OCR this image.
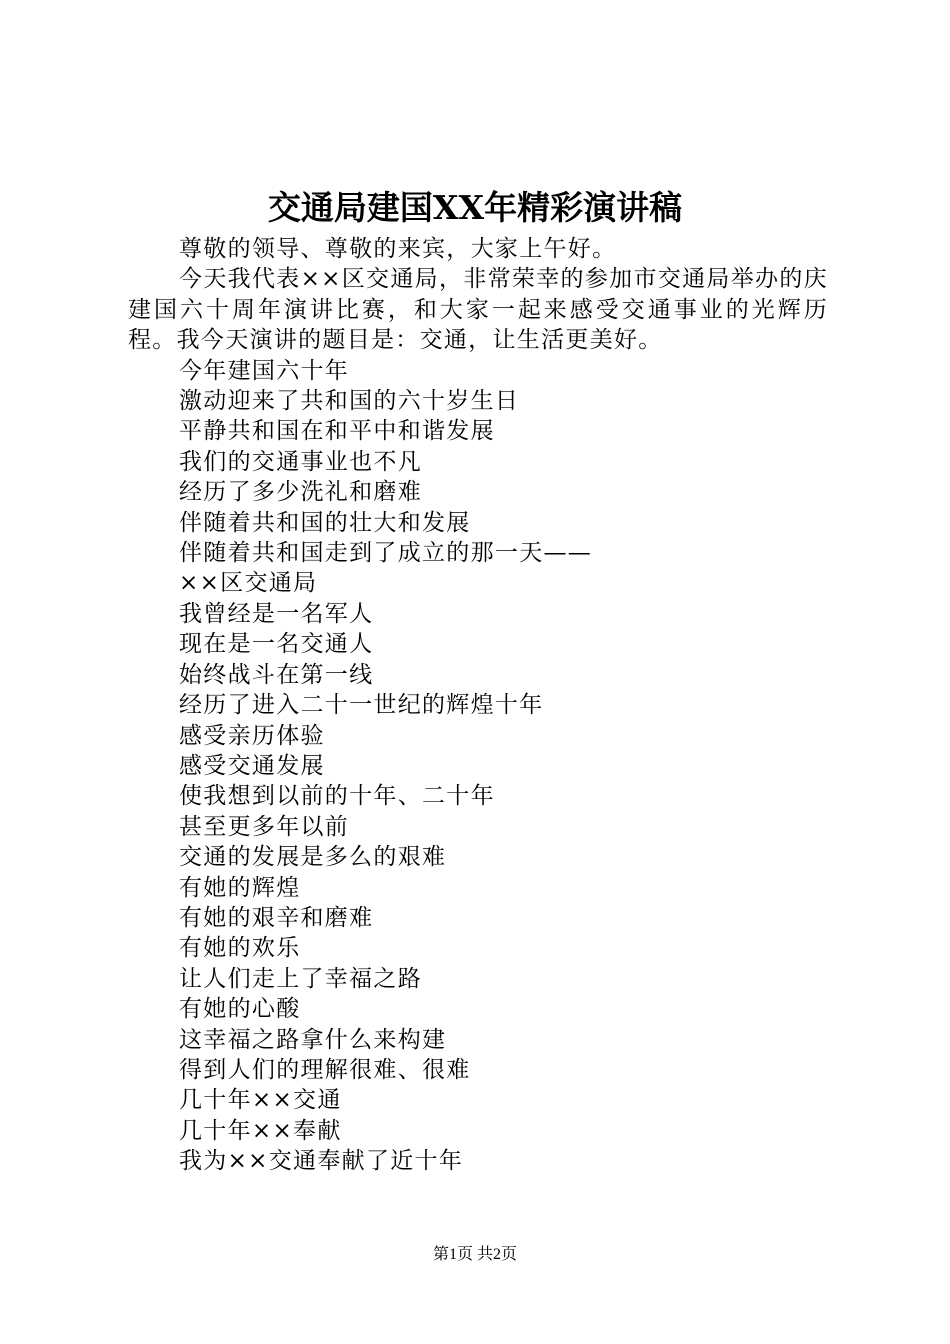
交通局建国XX年精彩演讲稿

尊敬的领导、尊敬的来宾，大家上午好。

今天我代表××区交通局，非常荣幸的参加市交通局举办的庆建国六十周年演讲比赛，和大家一起来感受交通事业的光辉历程。我今天演讲的题目是：交通，让生活更美好。

今年建国六十年
激动迎来了共和国的六十岁生日
平静共和国在和平中和谐发展
我们的交通事业也不凡
经历了多少洗礼和磨难
伴随着共和国的壮大和发展
伴随着共和国走到了成立的那一天——
××区交通局
我曾经是一名军人
现在是一名交通人
始终战斗在第一线
经历了进入二十一世纪的辉煌十年
感受亲历体验
感受交通发展
使我想到以前的十年、二十年
甚至更多年以前
交通的发展是多么的艰难
有她的辉煌
有她的艰辛和磨难
有她的欢乐
让人们走上了幸福之路
有她的心酸
这幸福之路拿什么来构建
得到人们的理解很难、很难
几十年××交通
几十年××奉献
我为××交通奉献了近十年
第1页 共2页
